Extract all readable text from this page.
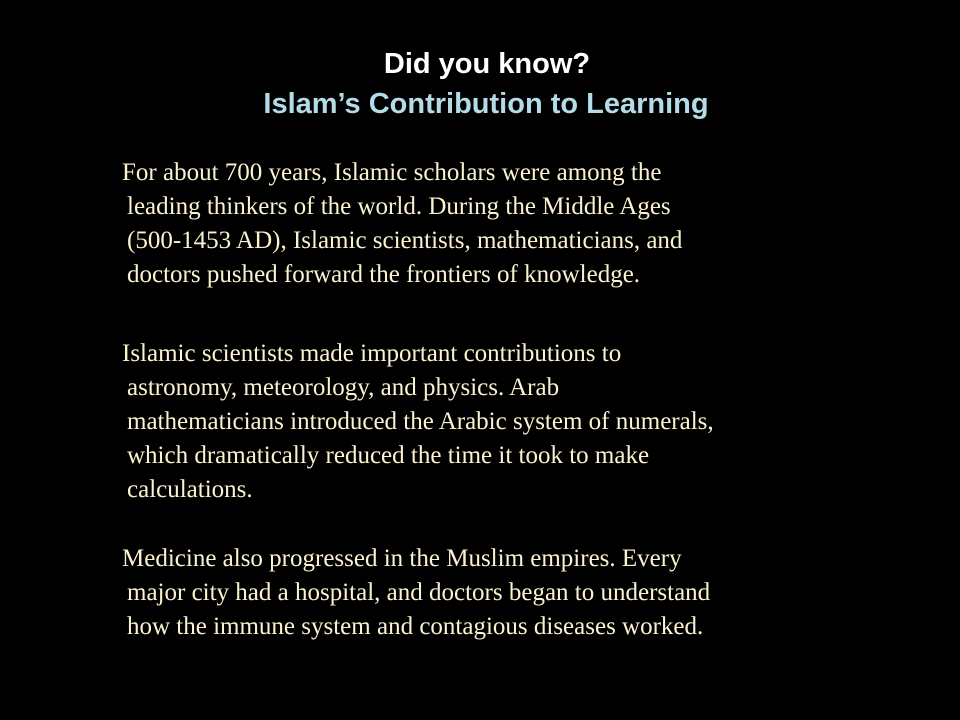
Did you know?
Islam’s Contribution to Learning
For about 700 years, Islamic scholars were among the
leading thinkers of the world. During the Middle Ages
(500-1453 AD), Islamic scientists, mathematicians, and
doctors pushed forward the frontiers of knowledge.
Islamic scientists made important contributions to
astronomy, meteorology, and physics. Arab
mathematicians introduced the Arabic system of numerals,
which dramatically reduced the time it took to make
calculations.
Medicine also progressed in the Muslim empires. Every
major city had a hospital, and doctors began to understand
how the immune system and contagious diseases worked.
